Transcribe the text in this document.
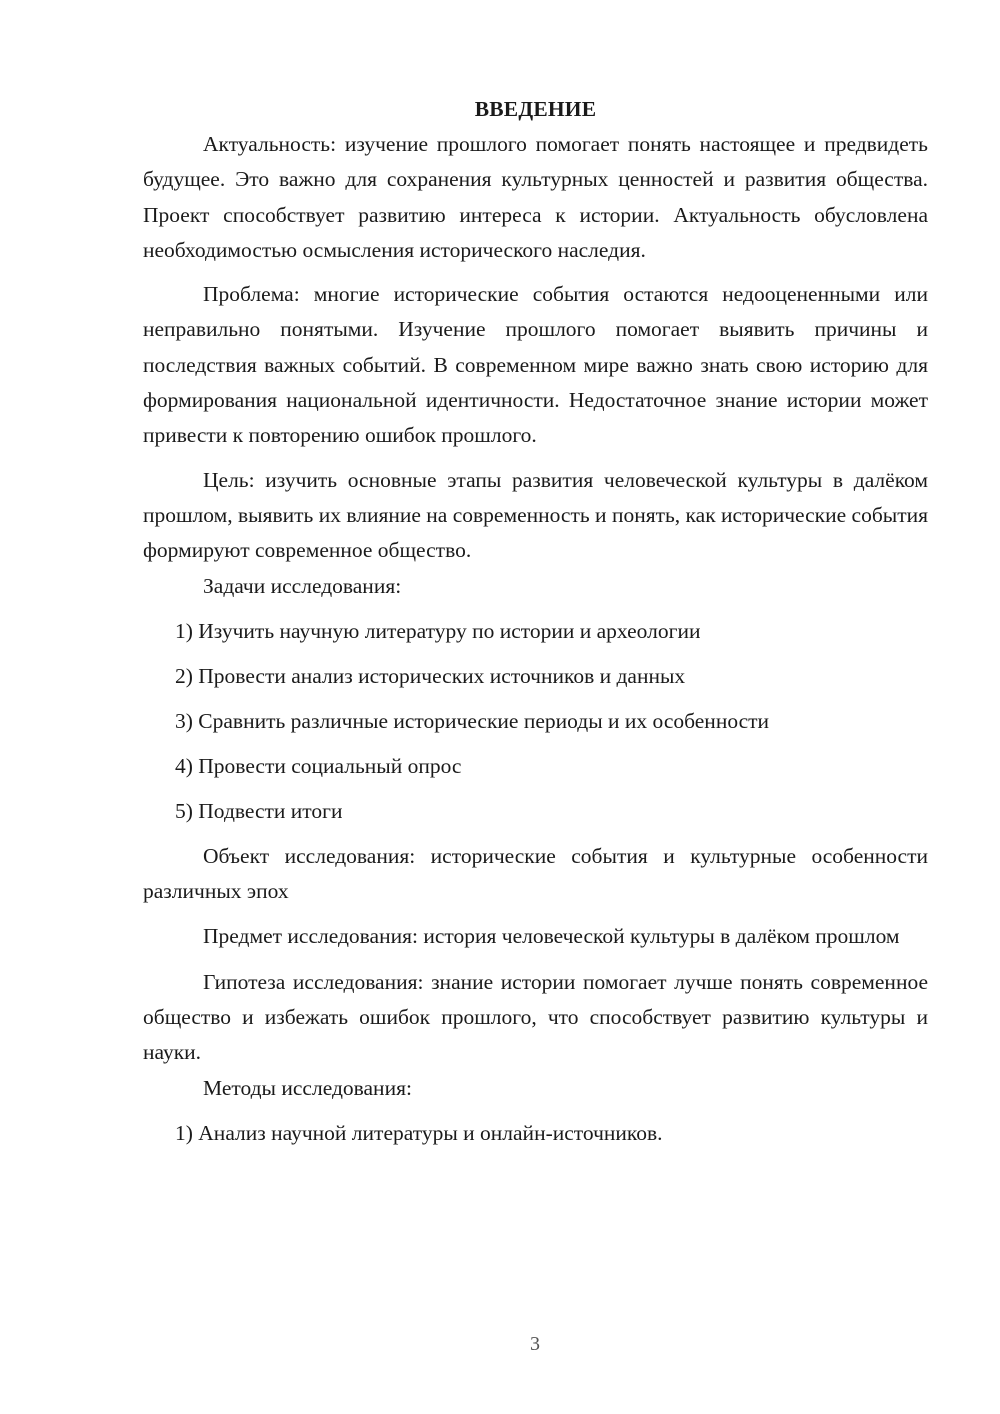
ВВЕДЕНИЕ

Актуальность: изучение прошлого помогает понять настоящее и предвидеть будущее. Это важно для сохранения культурных ценностей и развития общества. Проект способствует развитию интереса к истории. Актуальность обусловлена необходимостью осмысления исторического наследия.

Проблема: многие исторические события остаются недооцененными или неправильно понятыми. Изучение прошлого помогает выявить причины и последствия важных событий. В современном мире важно знать свою историю для формирования национальной идентичности. Недостаточное знание истории может привести к повторению ошибок прошлого.

Цель: изучить основные этапы развития человеческой культуры в далёком прошлом, выявить их влияние на современность и понять, как исторические события формируют современное общество.

Задачи исследования:

1) Изучить научную литературу по истории и археологии

2) Провести анализ исторических источников и данных

3) Сравнить различные исторические периоды и их особенности

4) Провести социальный опрос

5) Подвести итоги

Объект исследования: исторические события и культурные особенности различных эпох

Предмет исследования: история человеческой культуры в далёком прошлом

Гипотеза исследования: знание истории помогает лучше понять современное общество и избежать ошибок прошлого, что способствует развитию культуры и науки.

Методы исследования:

1) Анализ научной литературы и онлайн-источников.

3
